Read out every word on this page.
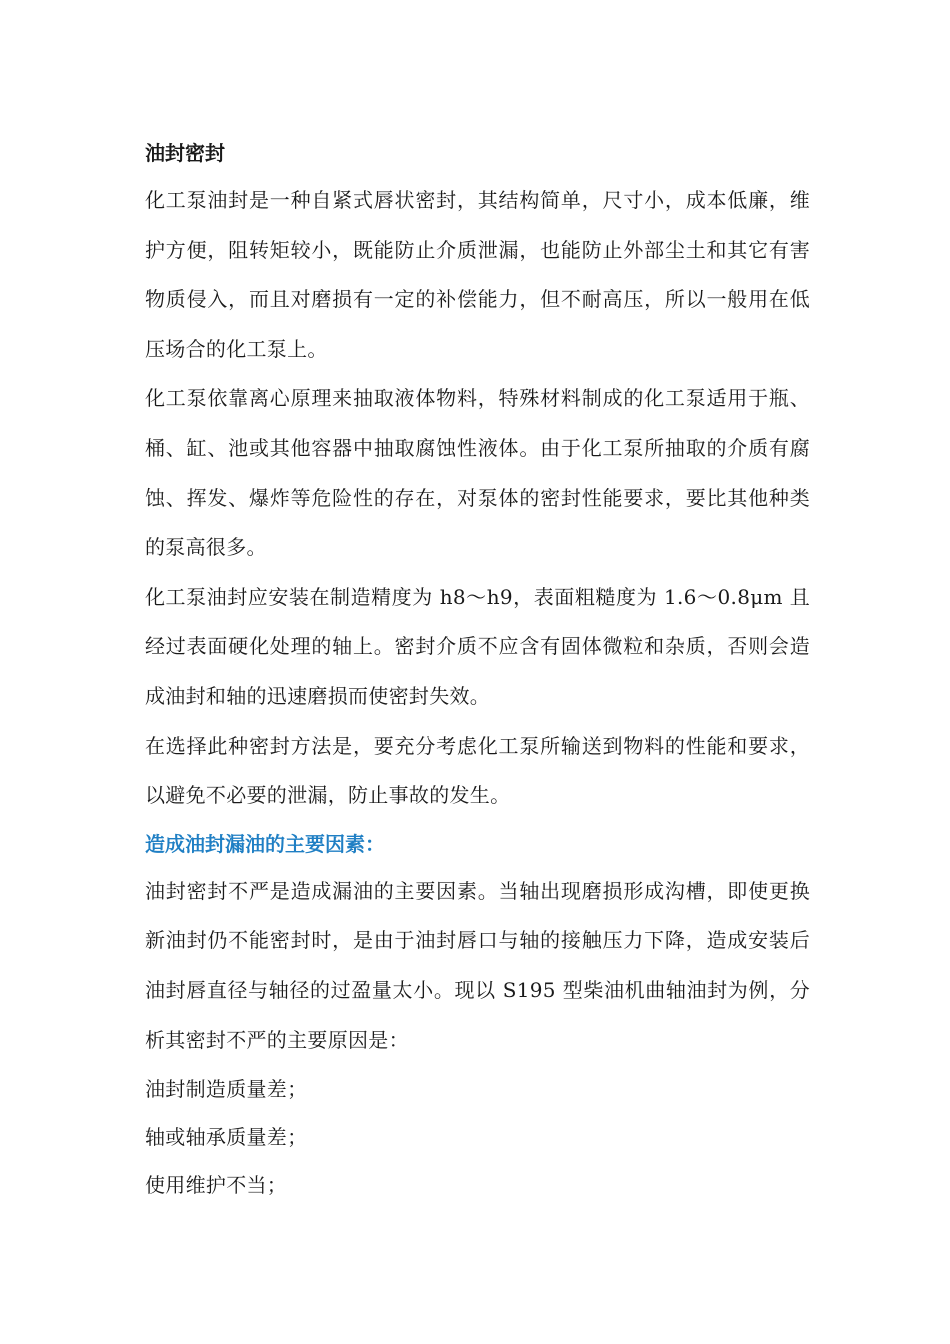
油封密封

化工泵油封是一种自紧式唇状密封，其结构简单，尺寸小，成本低廉，维护方便，阻转矩较小，既能防止介质泄漏，也能防止外部尘土和其它有害物质侵入，而且对磨损有一定的补偿能力，但不耐高压，所以一般用在低压场合的化工泵上。

化工泵依靠离心原理来抽取液体物料，特殊材料制成的化工泵适用于瓶、桶、缸、池或其他容器中抽取腐蚀性液体。由于化工泵所抽取的介质有腐蚀、挥发、爆炸等危险性的存在，对泵体的密封性能要求，要比其他种类的泵高很多。

化工泵油封应安装在制造精度为 h8～h9，表面粗糙度为 1.6～0.8μm 且经过表面硬化处理的轴上。密封介质不应含有固体微粒和杂质，否则会造成油封和轴的迅速磨损而使密封失效。

在选择此种密封方法是，要充分考虑化工泵所输送到物料的性能和要求，以避免不必要的泄漏，防止事故的发生。

造成油封漏油的主要因素：

油封密封不严是造成漏油的主要因素。当轴出现磨损形成沟槽，即使更换新油封仍不能密封时，是由于油封唇口与轴的接触压力下降，造成安装后油封唇直径与轴径的过盈量太小。现以 S195 型柴油机曲轴油封为例，分析其密封不严的主要原因是：

油封制造质量差；

轴或轴承质量差；

使用维护不当；
